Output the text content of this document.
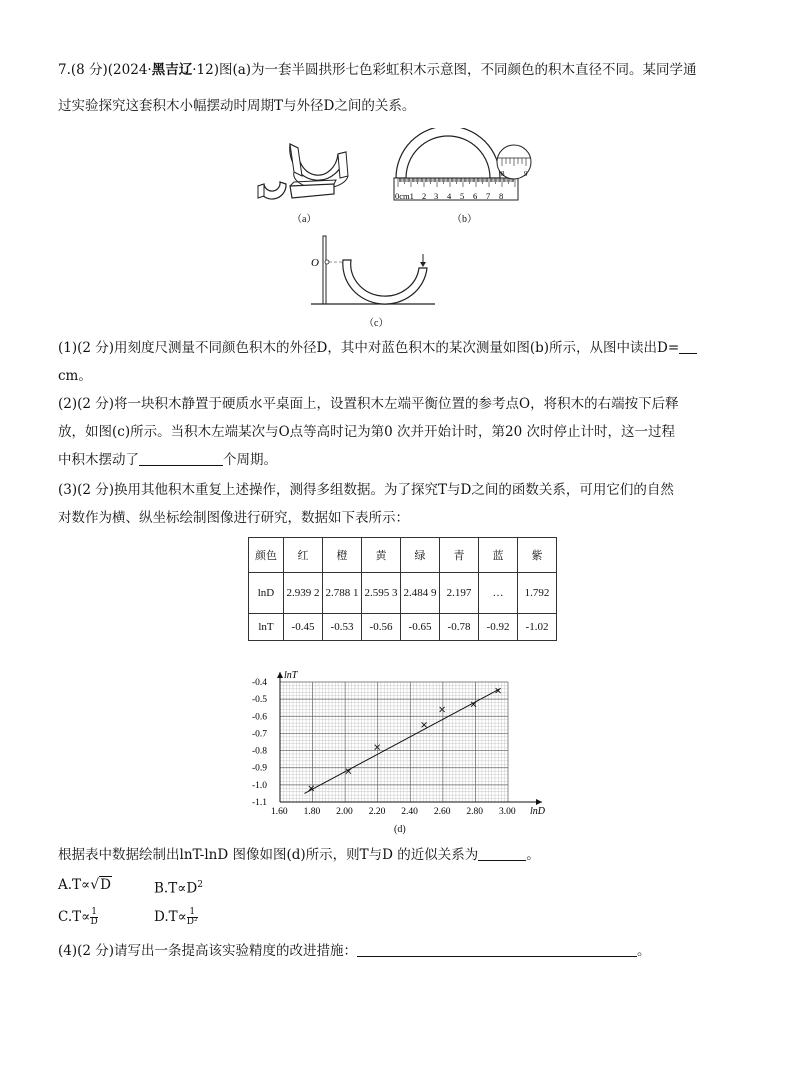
7.(8 分)(2024·黑吉辽·12)图(a)为一套半圆拱形七色彩虹积木示意图，不同颜色的积木直径不同。某同学通
过实验探究这套积木小幅摆动时周期T与外径D之间的关系。
（a）
8	9
0cm1 2 3 4 5 6 7 8
（b）
O
（c）
(1)(2 分)用刻度尺测量不同颜色积木的外径D，其中对蓝色积木的某次测量如图(b)所示，从图中读出D=
cm。
(2)(2 分)将一块积木静置于硬质水平桌面上，设置积木左端平衡位置的参考点O，将积木的右端按下后释
放，如图(c)所示。当积木左端某次与O点等高时记为第0 次并开始计时，第20 次时停止计时，这一过程
中积木摆动了	个周期。
(3)(2 分)换用其他积木重复上述操作，测得多组数据。为了探究T与D之间的函数关系，可用它们的自然
对数作为横、纵坐标绘制图像进行研究，数据如下表所示：
颜色	红	橙	黄	绿	青	蓝	紫
lnD	2.939 2	2.788 1	2.595 3	2.484 9	2.197	…	1.792
lnT	-0.45	-0.53	-0.56	-0.65	-0.78	-0.92	-1.02
1.60 1.80 2.00 2.20 2.40 2.60 2.80 3.00
-0.4
-0.5
-0.6
-0.7
-0.8
-0.9
-1.0
-1.1
lnD
lnT
(d)
根据表中数据绘制出lnT-lnD 图像如图(d)所示，则T与D 的近似关系为	。
A.T∝√D	$B.T\propto D^2$
$C.T\propto \frac{1}{D}$	$D.T\propto \frac{1}{\text{D²}}$
(4)(2 分)请写出一条提高该实验精度的改进措施：	。
